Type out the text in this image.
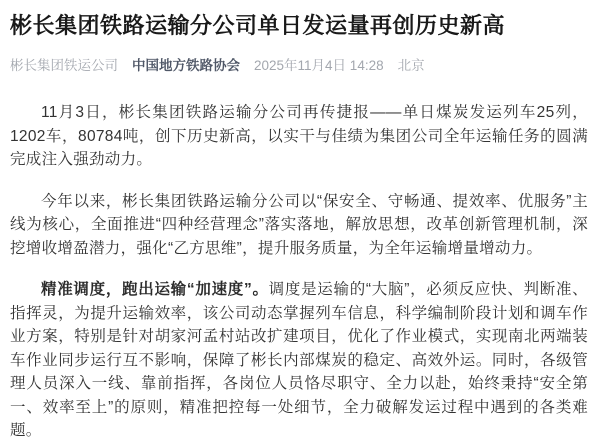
彬长集团铁路运输分公司单日发运量再创历史新高
彬长集团铁运公司 中国地方铁路协会 2025年11月4日 14:28 北京

11月3日，彬长集团铁路运输分公司再传捷报——单日煤炭发运列车25列，1202车，80784吨，创下历史新高，以实干与佳绩为集团公司全年运输任务的圆满完成注入强劲动力。

今年以来，彬长集团铁路运输分公司以“保安全、守畅通、提效率、优服务”主线为核心，全面推进“四种经营理念”落实落地，解放思想，改革创新管理机制，深挖增收增盈潜力，强化“乙方思维”，提升服务质量，为全年运输增量增动力。

精准调度，跑出运输“加速度”。调度是运输的“大脑”，必须反应快、判断准、指挥灵，为提升运输效率，该公司动态掌握列车信息，科学编制阶段计划和调车作业方案，特别是针对胡家河孟村站改扩建项目，优化了作业模式，实现南北两端装车作业同步运行互不影响，保障了彬长内部煤炭的稳定、高效外运。同时，各级管理人员深入一线、靠前指挥，各岗位人员恪尽职守、全力以赴，始终秉持“安全第一、效率至上”的原则，精准把控每一处细节，全力破解发运过程中遇到的各类难题。
